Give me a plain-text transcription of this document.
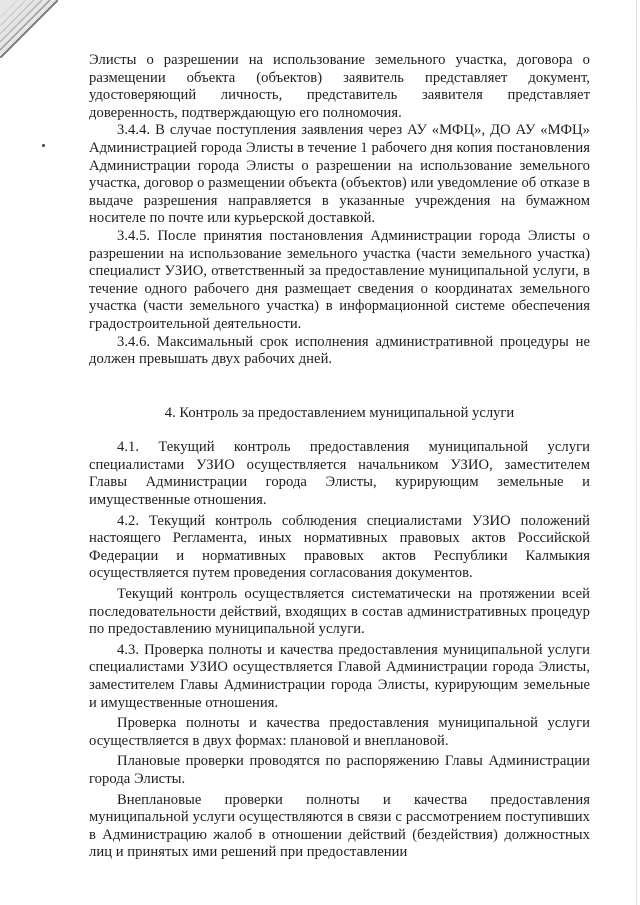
Элисты о разрешении на использование земельного участка, договора о размещении объекта (объектов) заявитель представляет документ, удостоверяющий личность, представитель заявителя представляет доверенность, подтверждающую его полномочия.

3.4.4. В случае поступления заявления через АУ «МФЦ», ДО АУ «МФЦ» Администрацией города Элисты в течение 1 рабочего дня копия постановления Администрации города Элисты о разрешении на использование земельного участка, договор о размещении объекта (объектов) или уведомление об отказе в выдаче разрешения направляется в указанные учреждения на бумажном носителе по почте или курьерской доставкой.

3.4.5. После принятия постановления Администрации города Элисты о разрешении на использование земельного участка (части земельного участка) специалист УЗИО, ответственный за предоставление муниципальной услуги, в течение одного рабочего дня размещает сведения о координатах земельного участка (части земельного участка) в информационной системе обеспечения градостроительной деятельности.

3.4.6. Максимальный срок исполнения административной процедуры не должен превышать двух рабочих дней.

4. Контроль за предоставлением муниципальной услуги

4.1. Текущий контроль предоставления муниципальной услуги специалистами УЗИО осуществляется начальником УЗИО, заместителем Главы Администрации города Элисты, курирующим земельные и имущественные отношения.

4.2. Текущий контроль соблюдения специалистами УЗИО положений настоящего Регламента, иных нормативных правовых актов Российской Федерации и нормативных правовых актов Республики Калмыкия осуществляется путем проведения согласования документов.

Текущий контроль осуществляется систематически на протяжении всей последовательности действий, входящих в состав административных процедур по предоставлению муниципальной услуги.

4.3. Проверка полноты и качества предоставления муниципальной услуги специалистами УЗИО осуществляется Главой Администрации города Элисты, заместителем Главы Администрации города Элисты, курирующим земельные и имущественные отношения.

Проверка полноты и качества предоставления муниципальной услуги осуществляется в двух формах: плановой и внеплановой.

Плановые проверки проводятся по распоряжению Главы Администрации города Элисты.

Внеплановые проверки полноты и качества предоставления муниципальной услуги осуществляются в связи с рассмотрением поступивших в Администрацию жалоб в отношении действий (бездействия) должностных лиц и принятых ими решений при предоставлении
